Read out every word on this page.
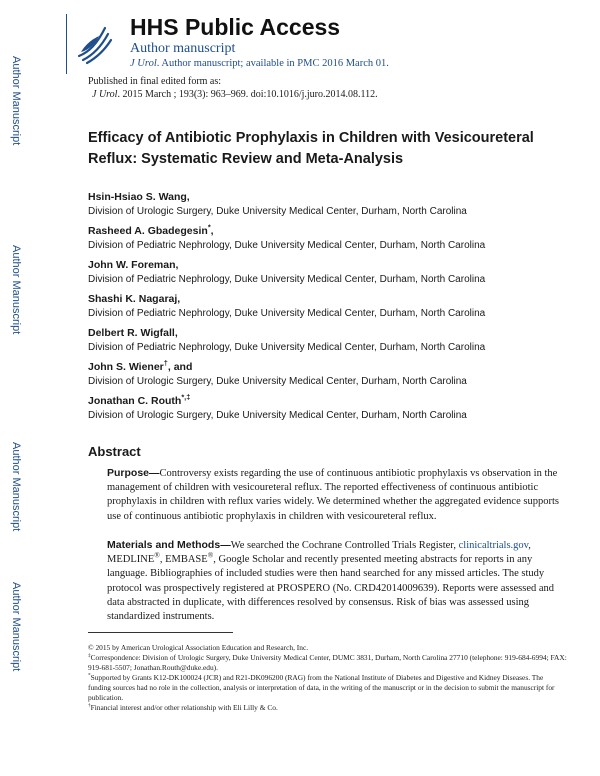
Author Manuscript
Author Manuscript
Author Manuscript
Author Manuscript
HHS Public Access
Author manuscript
J Urol. Author manuscript; available in PMC 2016 March 01.
Published in final edited form as:
J Urol. 2015 March ; 193(3): 963–969. doi:10.1016/j.juro.2014.08.112.
Efficacy of Antibiotic Prophylaxis in Children with Vesicoureteral Reflux: Systematic Review and Meta-Analysis
Hsin-Hsiao S. Wang,
Division of Urologic Surgery, Duke University Medical Center, Durham, North Carolina
Rasheed A. Gbadegesin*,
Division of Pediatric Nephrology, Duke University Medical Center, Durham, North Carolina
John W. Foreman,
Division of Pediatric Nephrology, Duke University Medical Center, Durham, North Carolina
Shashi K. Nagaraj,
Division of Pediatric Nephrology, Duke University Medical Center, Durham, North Carolina
Delbert R. Wigfall,
Division of Pediatric Nephrology, Duke University Medical Center, Durham, North Carolina
John S. Wiener†, and
Division of Urologic Surgery, Duke University Medical Center, Durham, North Carolina
Jonathan C. Routh*,‡
Division of Urologic Surgery, Duke University Medical Center, Durham, North Carolina
Abstract
Purpose—Controversy exists regarding the use of continuous antibiotic prophylaxis vs observation in the management of children with vesicoureteral reflux. The reported effectiveness of continuous antibiotic prophylaxis in children with reflux varies widely. We determined whether the aggregated evidence supports use of continuous antibiotic prophylaxis in children with vesicoureteral reflux.
Materials and Methods—We searched the Cochrane Controlled Trials Register, clinicaltrials.gov, MEDLINE®, EMBASE®, Google Scholar and recently presented meeting abstracts for reports in any language. Bibliographies of included studies were then hand searched for any missed articles. The study protocol was prospectively registered at PROSPERO (No. CRD42014009639). Reports were assessed and data abstracted in duplicate, with differences resolved by consensus. Risk of bias was assessed using standardized instruments.
© 2015 by American Urological Association Education and Research, Inc.
‡Correspondence: Division of Urologic Surgery, Duke University Medical Center, DUMC 3831, Durham, North Carolina 27710 (telephone: 919-684-6994; FAX: 919-681-5507; Jonathan.Routh@duke.edu).
*Supported by Grants K12-DK100024 (JCR) and R21-DK096200 (RAG) from the National Institute of Diabetes and Digestive and Kidney Diseases. The funding sources had no role in the collection, analysis or interpretation of data, in the writing of the manuscript or in the decision to submit the manuscript for publication.
†Financial interest and/or other relationship with Eli Lilly & Co.
